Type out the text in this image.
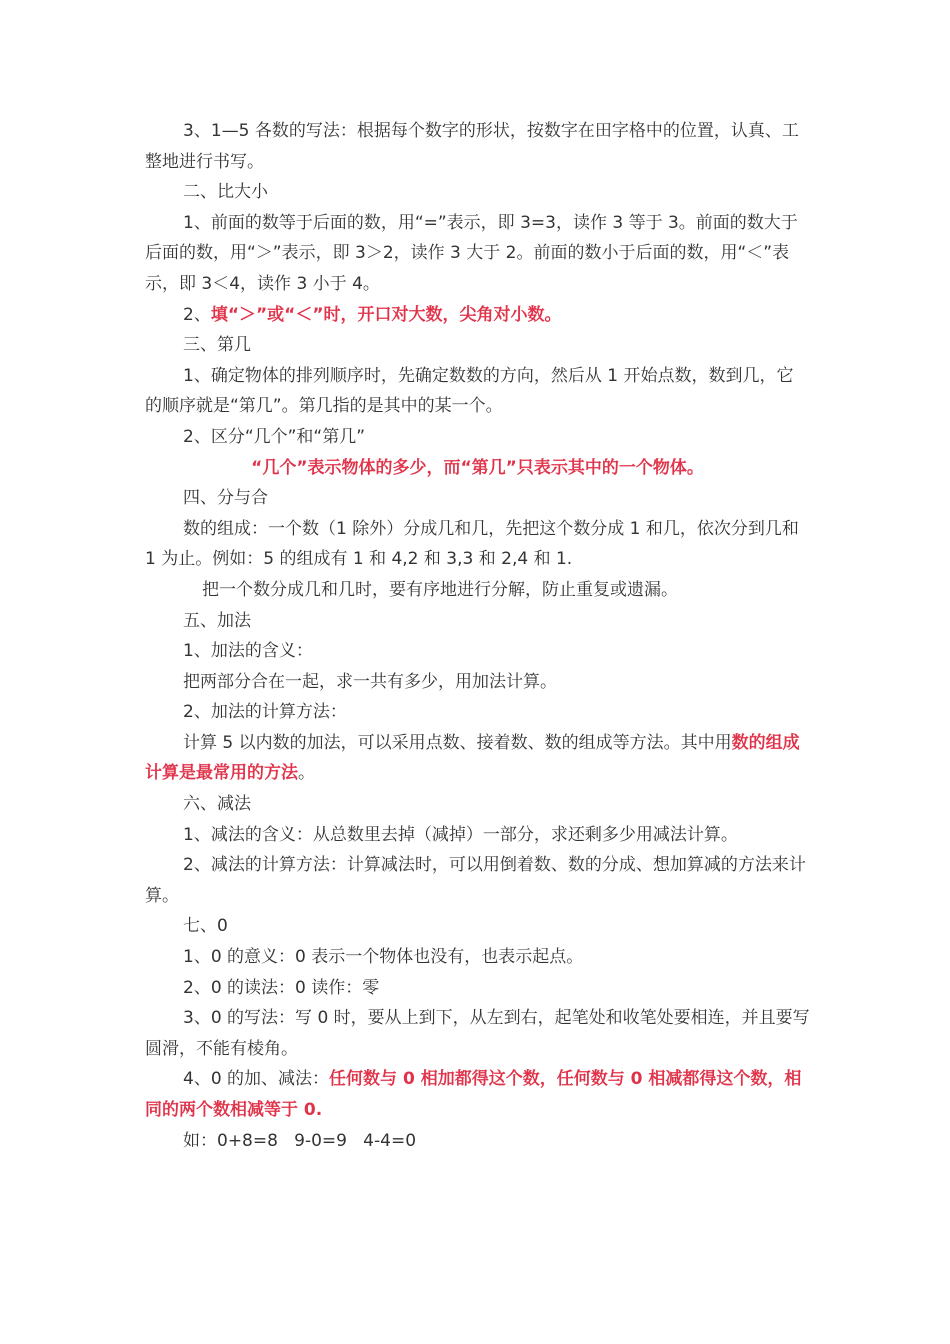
3、1—5 各数的写法：根据每个数字的形状，按数字在田字格中的位置，认真、工整地进行书写。

二、比大小

1、前面的数等于后面的数，用“=”表示，即 3=3，读作 3 等于 3。前面的数大于后面的数，用“＞”表示，即 3＞2，读作 3 大于 2。前面的数小于后面的数，用“＜”表示，即 3＜4，读作 3 小于 4。

2、填“＞”或“＜”时，开口对大数，尖角对小数。

三、第几

1、确定物体的排列顺序时，先确定数数的方向，然后从 1 开始点数，数到几，它的顺序就是“第几”。第几指的是其中的某一个。

2、区分“几个”和“第几”

“几个”表示物体的多少，而“第几”只表示其中的一个物体。

四、分与合

数的组成：一个数（1 除外）分成几和几，先把这个数分成 1 和几，依次分到几和 1 为止。例如：5 的组成有 1 和 4,2 和 3,3 和 2,4 和 1.

把一个数分成几和几时，要有序地进行分解，防止重复或遗漏。

五、加法

1、加法的含义：

把两部分合在一起，求一共有多少，用加法计算。

2、加法的计算方法：

计算 5 以内数的加法，可以采用点数、接着数、数的组成等方法。其中用数的组成计算是最常用的方法。

六、减法

1、减法的含义：从总数里去掉（减掉）一部分，求还剩多少用减法计算。

2、减法的计算方法：计算减法时，可以用倒着数、数的分成、想加算减的方法来计算。

七、0

1、0 的意义：0 表示一个物体也没有，也表示起点。

2、0 的读法：0 读作：零

3、0 的写法：写 0 时，要从上到下，从左到右，起笔处和收笔处要相连，并且要写圆滑，不能有棱角。

4、0 的加、减法：任何数与 0 相加都得这个数，任何数与 0 相减都得这个数，相同的两个数相减等于 0.

如：0+8=8   9-0=9   4-4=0
